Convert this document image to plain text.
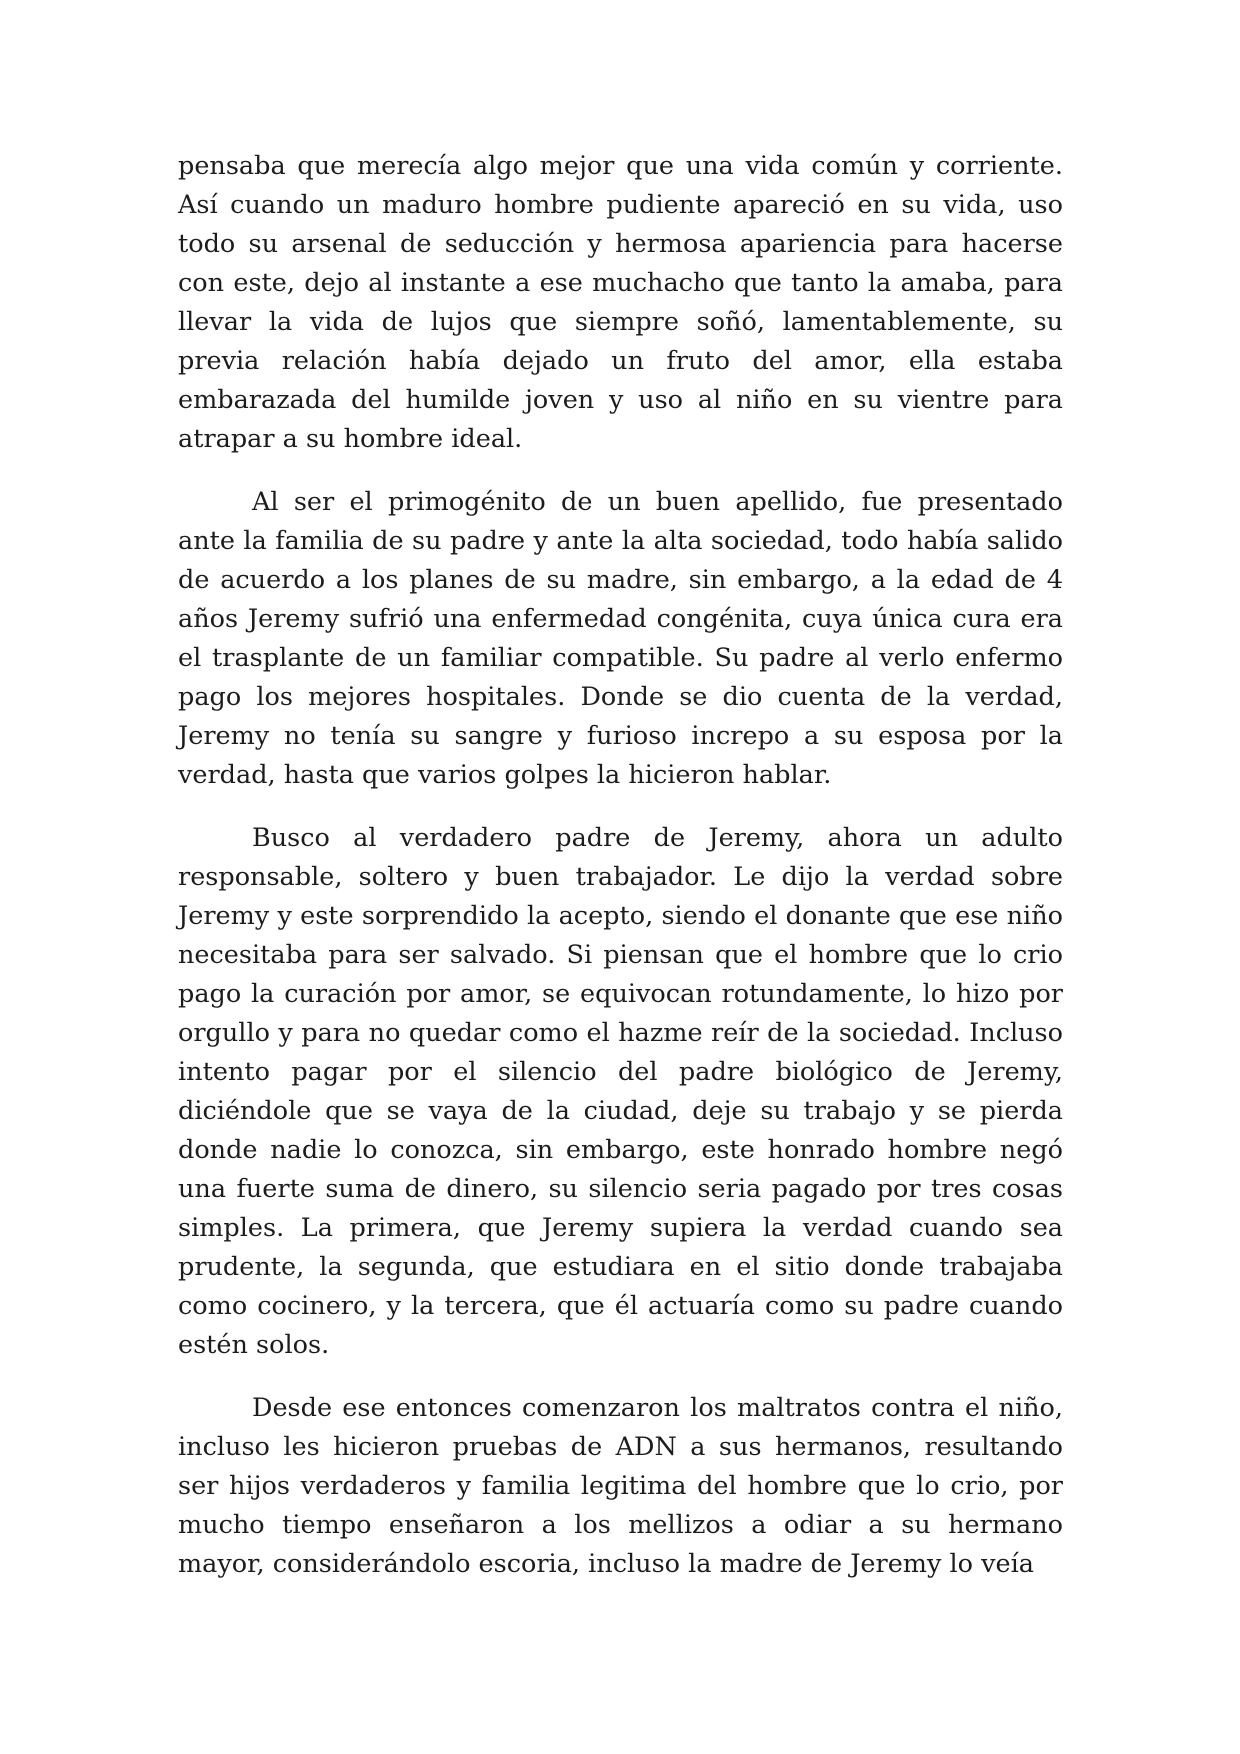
pensaba que merecía algo mejor que una vida común y corriente. Así cuando un maduro hombre pudiente apareció en su vida, uso todo su arsenal de seducción y hermosa apariencia para hacerse con este, dejo al instante a ese muchacho que tanto la amaba, para llevar la vida de lujos que siempre soñó, lamentablemente, su previa relación había dejado un fruto del amor, ella estaba embarazada del humilde joven y uso al niño en su vientre para atrapar a su hombre ideal.

Al ser el primogénito de un buen apellido, fue presentado ante la familia de su padre y ante la alta sociedad, todo había salido de acuerdo a los planes de su madre, sin embargo, a la edad de 4 años Jeremy sufrió una enfermedad congénita, cuya única cura era el trasplante de un familiar compatible. Su padre al verlo enfermo pago los mejores hospitales. Donde se dio cuenta de la verdad, Jeremy no tenía su sangre y furioso increpo a su esposa por la verdad, hasta que varios golpes la hicieron hablar.

Busco al verdadero padre de Jeremy, ahora un adulto responsable, soltero y buen trabajador. Le dijo la verdad sobre Jeremy y este sorprendido la acepto, siendo el donante que ese niño necesitaba para ser salvado. Si piensan que el hombre que lo crio pago la curación por amor, se equivocan rotundamente, lo hizo por orgullo y para no quedar como el hazme reír de la sociedad. Incluso intento pagar por el silencio del padre biológico de Jeremy, diciéndole que se vaya de la ciudad, deje su trabajo y se pierda donde nadie lo conozca, sin embargo, este honrado hombre negó una fuerte suma de dinero, su silencio seria pagado por tres cosas simples. La primera, que Jeremy supiera la verdad cuando sea prudente, la segunda, que estudiara en el sitio donde trabajaba como cocinero, y la tercera, que él actuaría como su padre cuando estén solos.

Desde ese entonces comenzaron los maltratos contra el niño, incluso les hicieron pruebas de ADN a sus hermanos, resultando ser hijos verdaderos y familia legitima del hombre que lo crio, por mucho tiempo enseñaron a los mellizos a odiar a su hermano mayor, considerándolo escoria, incluso la madre de Jeremy lo veía
